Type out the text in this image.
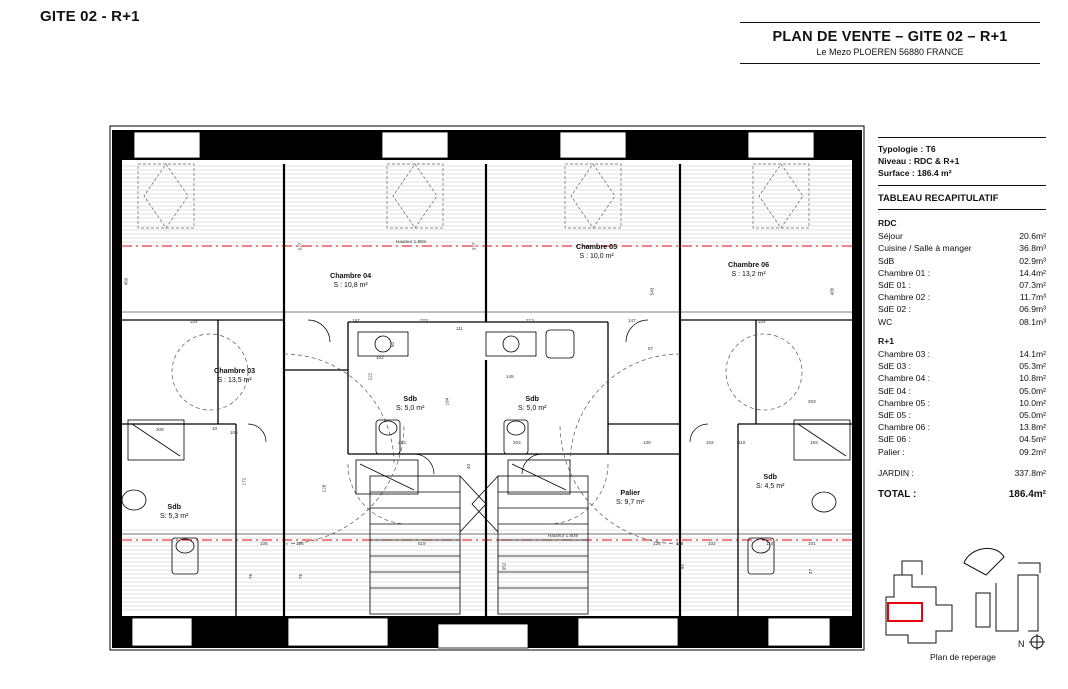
GITE 02 - R+1
PLAN DE VENTE – GITE 02 – R+1
Le Mezo PLOEREN 56880 FRANCE
Typologie : T6
Niveau : RDC & R+1
Surface : 186.4 m²
TABLEAU RECAPITULATIF
RDC
Séjour	20.6m²
Cuisine / Salle à manger	36.8m³
SdB	02.9m³
Chambre 01 :	14.4m²
SdE 01 :	07.3m²
Chambre 02 :	11.7m³
SdE 02 :	06.9m³
WC	08.1m³
R+1
Chambre 03 :	14.1m²
SdE 03 :	05.3m²
Chambre 04 :	10.8m²
SdE 04 :	05.0m²
Chambre 05 :	10.0m²
SdE 05 :	05.0m²
Chambre 06 :	13.8m²
SdE 06 :	04.5m²
Palier :	09.2m²
JARDIN :	337.8m²
TOTAL :	186.4m²
Plan de reperage
N
Chambre 04
S : 10,8 m²
Chambre 05
S : 10,0 m²
Chambre 06
S : 13,2 m²
Chambre 03
S : 13,5 m²
Sdb
S: 5,0 m²
Sdb
S: 5,0 m²
Sdb
S: 4,5 m²
Sdb
S: 5,3 m²
Palier
S: 9,7 m²
Hauteur 1.80m
Hauteur 1.80m
324	147	223	213	147	324
111
102
145
203
209	10
105
213	203	139	102	110	193
172
128
105	126	519	126	118	102	110	101
450
527	377
543	485
57
164
222
50
40
352	92
47
76	76
